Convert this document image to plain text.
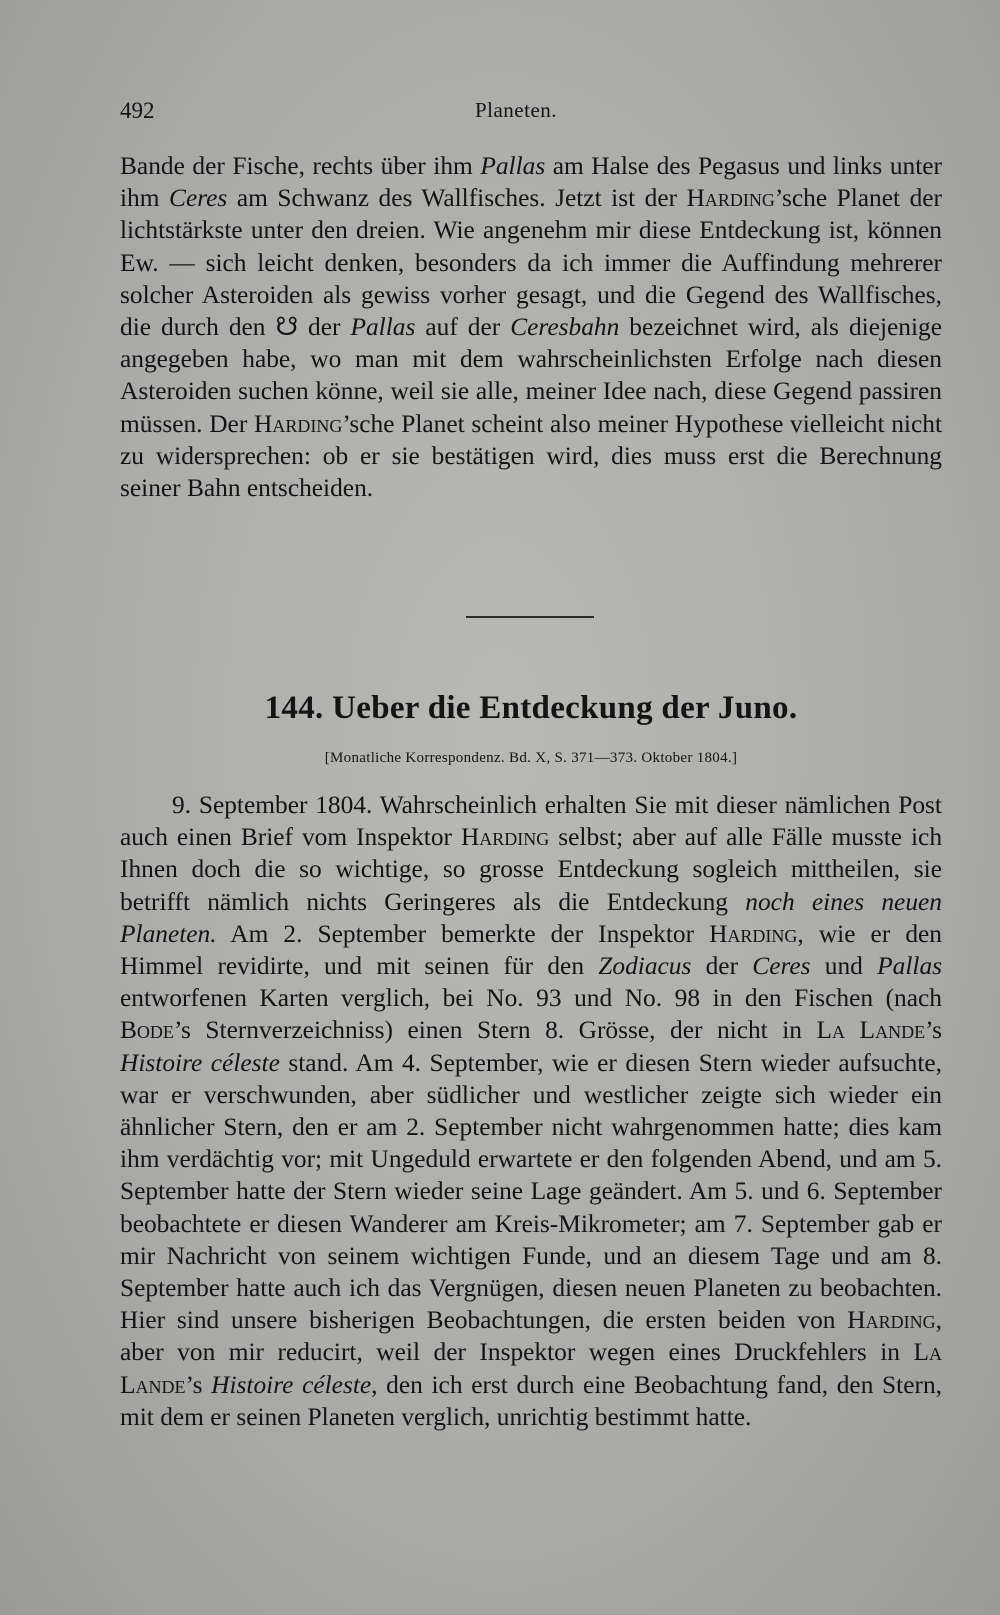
492	Planeten.

Bande der Fische, rechts über ihm Pallas am Halse des Pegasus und links unter ihm Ceres am Schwanz des Wallfisches. Jetzt ist der Harding’sche Planet der lichtstärkste unter den dreien. Wie angenehm mir diese Entdeckung ist, können Ew. — sich leicht denken, besonders da ich immer die Auffindung mehrerer solcher Asteroiden als gewiss vorher gesagt, und die Gegend des Wallfisches, die durch den ☋ der Pallas auf der Ceresbahn bezeichnet wird, als diejenige angegeben habe, wo man mit dem wahrscheinlichsten Erfolge nach diesen Asteroiden suchen könne, weil sie alle, meiner Idee nach, diese Gegend passiren müssen. Der Harding’sche Planet scheint also meiner Hypothese vielleicht nicht zu widersprechen: ob er sie bestätigen wird, dies muss erst die Berechnung seiner Bahn entscheiden.

144. Ueber die Entdeckung der Juno.
[Monatliche Korrespondenz. Bd. X, S. 371—373. Oktober 1804.]

9. September 1804. Wahrscheinlich erhalten Sie mit dieser nämlichen Post auch einen Brief vom Inspektor Harding selbst; aber auf alle Fälle musste ich Ihnen doch die so wichtige, so grosse Entdeckung sogleich mittheilen, sie betrifft nämlich nichts Geringeres als die Entdeckung noch eines neuen Planeten. Am 2. September bemerkte der Inspektor Harding, wie er den Himmel revidirte, und mit seinen für den Zodiacus der Ceres und Pallas entworfenen Karten verglich, bei No. 93 und No. 98 in den Fischen (nach Bode’s Sternverzeichniss) einen Stern 8. Grösse, der nicht in La Lande’s Histoire céleste stand. Am 4. September, wie er diesen Stern wieder aufsuchte, war er verschwunden, aber südlicher und westlicher zeigte sich wieder ein ähnlicher Stern, den er am 2. September nicht wahrgenommen hatte; dies kam ihm verdächtig vor; mit Ungeduld erwartete er den folgenden Abend, und am 5. September hatte der Stern wieder seine Lage geändert. Am 5. und 6. September beobachtete er diesen Wanderer am Kreis-Mikrometer; am 7. September gab er mir Nachricht von seinem wichtigen Funde, und an diesem Tage und am 8. September hatte auch ich das Vergnügen, diesen neuen Planeten zu beobachten. Hier sind unsere bisherigen Beobachtungen, die ersten beiden von Harding, aber von mir reducirt, weil der Inspektor wegen eines Druckfehlers in La Lande’s Histoire céleste, den ich erst durch eine Beobachtung fand, den Stern, mit dem er seinen Planeten verglich, unrichtig bestimmt hatte.
